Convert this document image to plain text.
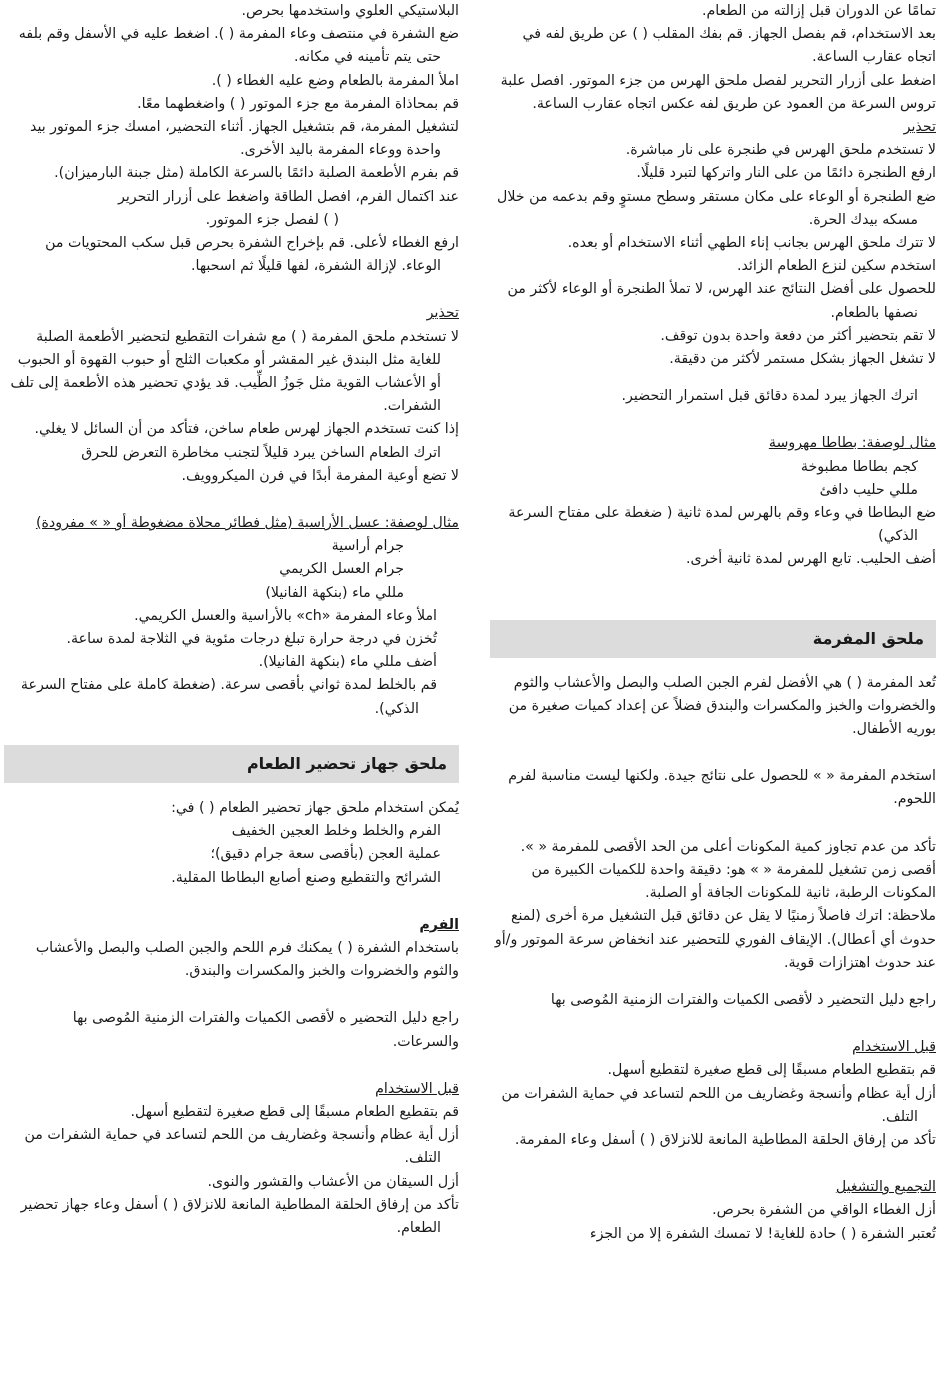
تمامًا عن الدوران قبل إزالته من الطعام.

بعد الاستخدام، قم بفصل الجهاز. قم بفك المقلب ( ) عن طريق لفه في اتجاه عقارب الساعة.

اضغط على أزرار التحرير لفصل ملحق الهرس من جزء الموتور. افصل علبة تروس السرعة من العمود عن طريق لفه عكس اتجاه عقارب الساعة.

تحذير

لا تستخدم ملحق الهرس في طنجرة على نار مباشرة.

ارفع الطنجرة دائمًا من على النار واتركها لتبرد قليلًا.

ضع الطنجرة أو الوعاء على مكان مستقر وسطح مستوٍ وقم بدعمه من خلال مسكه بيدك الحرة.

لا تترك ملحق الهرس بجانب إناء الطهي أثناء الاستخدام أو بعده.

استخدم سكين لنزع الطعام الزائد.

للحصول على أفضل النتائج عند الهرس، لا تملأ الطنجرة أو الوعاء لأكثر من نصفها بالطعام.

لا تقم بتحضير أكثر من دفعة واحدة بدون توقف.

لا تشغل الجهاز بشكل مستمر لأكثر من دقيقة.

اترك الجهاز يبرد لمدة دقائق قبل استمرار التحضير.

مثال لوصفة: بطاطا مهروسة

كجم بطاطا مطبوخة

مللي حليب دافئ

ضع البطاطا في وعاء وقم بالهرس لمدة ثانية ( ضغطة على مفتاح السرعة الذكي)

أضف الحليب. تابع الهرس لمدة ثانية أخرى.

ملحق المفرمة

تُعد المفرمة ( ) هي الأفضل لفرم الجبن الصلب والبصل والأعشاب والثوم والخضروات والخبز والمكسرات والبندق فضلاً عن إعداد كميات صغيرة من بوريه الأطفال.

استخدم المفرمة « » للحصول على نتائج جيدة. ولكنها ليست مناسبة لفرم اللحوم.

تأكد من عدم تجاوز كمية المكونات أعلى من الحد الأقصى للمفرمة « ». أقصى زمن تشغيل للمفرمة « » هو: دقيقة واحدة للكميات الكبيرة من المكونات الرطبة، ثانية للمكونات الجافة أو الصلبة.

ملاحظة: اترك فاصلاً زمنيًا لا يقل عن دقائق قبل التشغيل مرة أخرى (لمنع حدوث أي أعطال). الإيقاف الفوري للتحضير عند انخفاض سرعة الموتور و/أو عند حدوث اهتزازات قوية.

راجع دليل التحضير د لأقصى الكميات والفترات الزمنية المُوصى بها

قبل الاستخدام

قم بتقطيع الطعام مسبقًا إلى قطع صغيرة لتقطيع أسهل.

أزل أية عظام وأنسجة وغضاريف من اللحم لتساعد في حماية الشفرات من التلف.

تأكد من إرفاق الحلقة المطاطية المانعة للانزلاق ( ) أسفل وعاء المفرمة.

التجميع والتشغيل

أزل الغطاء الواقي من الشفرة بحرص.

تُعتبر الشفرة ( ) حادة للغاية! لا تمسك الشفرة إلا من الجزء

البلاستيكي العلوي واستخدمها بحرص.

ضع الشفرة في منتصف وعاء المفرمة ( ). اضغط عليه في الأسفل وقم بلفه حتى يتم تأمينه في مكانه.

املأ المفرمة بالطعام وضع عليه الغطاء ( ).

قم بمحاذاة المفرمة مع جزء الموتور ( ) واضغطهما معًا.

لتشغيل المفرمة، قم بتشغيل الجهاز. أثناء التحضير، امسك جزء الموتور بيد واحدة ووعاء المفرمة باليد الأخرى.

قم بفرم الأطعمة الصلبة دائمًا بالسرعة الكاملة (مثل جبنة البارميزان).

عند اكتمال الفرم، افصل الطاقة واضغط على أزرار التحرير

( ) لفصل جزء الموتور.

ارفع الغطاء لأعلى. قم بإخراج الشفرة بحرص قبل سكب المحتويات من الوعاء. لإزالة الشفرة، لفها قليلًا ثم اسحبها.

تحذير

لا تستخدم ملحق المفرمة ( ) مع شفرات التقطيع لتحضير الأطعمة الصلبة للغاية مثل البندق غير المقشر أو مكعبات الثلج أو حبوب القهوة أو الحبوب أو الأعشاب القوية مثل جَوزُ الطِّيب. قد يؤدي تحضير هذه الأطعمة إلى تلف الشفرات.

إذا كنت تستخدم الجهاز لهرس طعام ساخن، فتأكد من أن السائل لا يغلي. اترك الطعام الساخن يبرد قليلاً لتجنب مخاطرة التعرض للحرق

لا تضع أوعية المفرمة أبدًا في فرن الميكروويف.

مثال لوصفة: عسل الأراسية (مثل فطائر محلاة مضغوطة أو « » مفرودة)

جرام أراسية

جرام العسل الكريمي

مللي ماء (بنكهة الفانيلا)

املأ وعاء المفرمة «ch» بالأراسية والعسل الكريمي.

تُخزن في درجة حرارة تبلغ درجات مئوية في الثلاجة لمدة ساعة.

أضف مللي ماء (بنكهة الفانيلا).

قم بالخلط لمدة ثواني بأقصى سرعة. (ضغطة كاملة على مفتاح السرعة الذكي).

ملحق جهاز تحضير الطعام

يُمكن استخدام ملحق جهاز تحضير الطعام ( ) في:

الفرم والخلط وخلط العجين الخفيف

عملية العجن (بأقصى سعة جرام دقيق)؛

الشرائح والتقطيع وصنع أصابع البطاطا المقلية.

الفرم

باستخدام الشفرة ( ) يمكنك فرم اللحم والجبن الصلب والبصل والأعشاب والثوم والخضروات والخبز والمكسرات والبندق.

راجع دليل التحضير ه لأقصى الكميات والفترات الزمنية المُوصى بها والسرعات.

قبل الاستخدام

قم بتقطيع الطعام مسبقًا إلى قطع صغيرة لتقطيع أسهل.

أزل أية عظام وأنسجة وغضاريف من اللحم لتساعد في حماية الشفرات من التلف.

أزل السيقان من الأعشاب والقشور والنوى.

تأكد من إرفاق الحلقة المطاطية المانعة للانزلاق ( ) أسفل وعاء جهاز تحضير الطعام.
